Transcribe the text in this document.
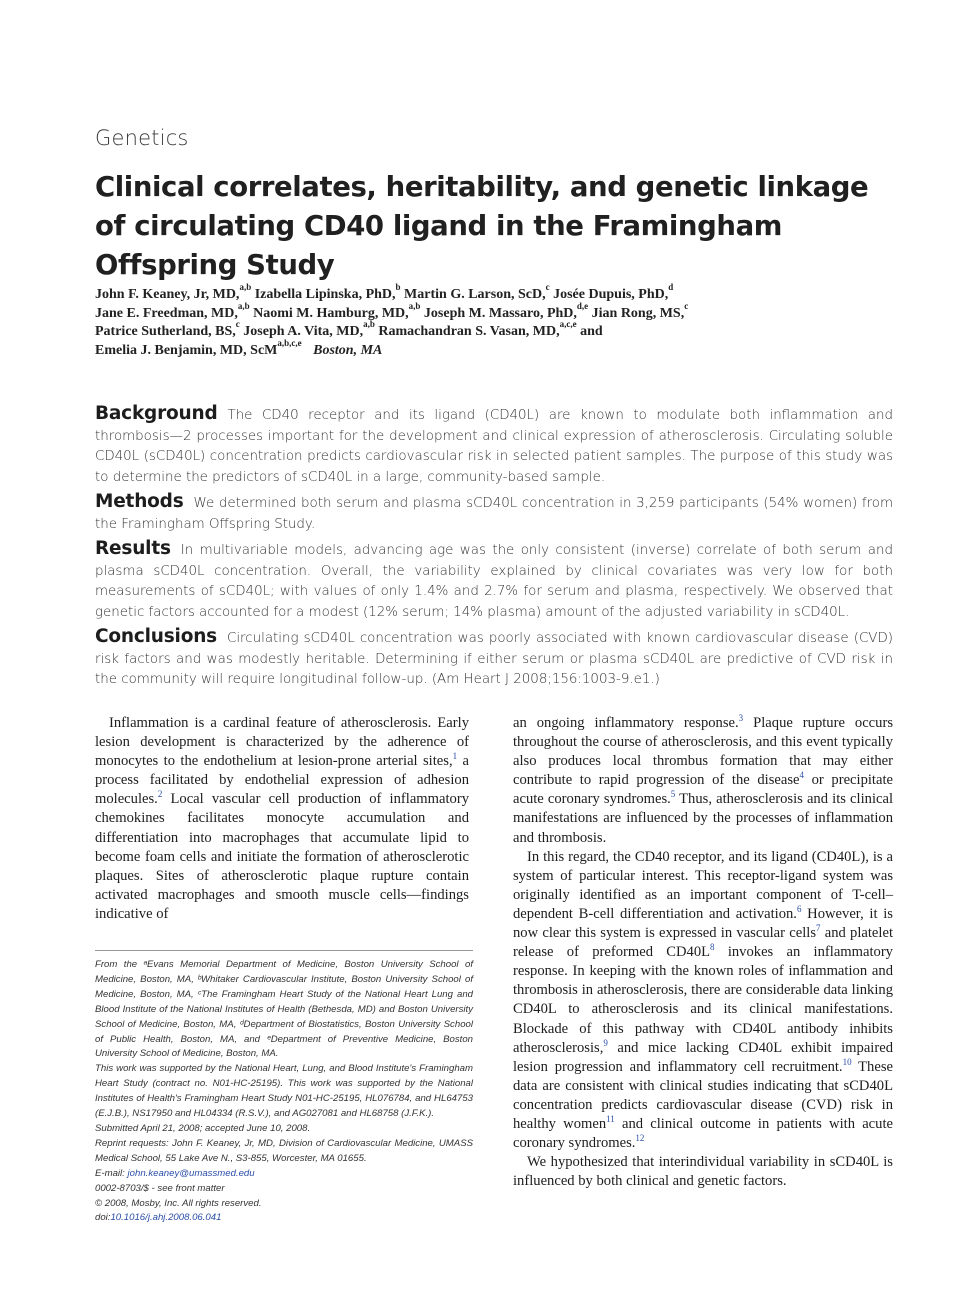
Genetics
Clinical correlates, heritability, and genetic linkage of circulating CD40 ligand in the Framingham Offspring Study
John F. Keaney, Jr, MD,$^{a,b}$ Izabella Lipinska, PhD,$^b$ Martin G. Larson, ScD,$^c$ Josée Dupuis, PhD,$^d$
Jane E. Freedman, MD,$^{a,b}$ Naomi M. Hamburg, MD,$^{a,b}$ Joseph M. Massaro, PhD,$^{d,e}$ Jian Rong, MS,$^c$
Patrice Sutherland, BS,$^c$ Joseph A. Vita, MD,$^{a,b}$ Ramachandran S. Vasan, MD,$^{a,c,e}$ and
Emelia J. Benjamin, MD, ScM$^{a,b,c,e}$ Boston, MA

Background The CD40 receptor and its ligand (CD40L) are known to modulate both inflammation and thrombosis—2 processes important for the development and clinical expression of atherosclerosis. Circulating soluble CD40L (sCD40L) concentration predicts cardiovascular risk in selected patient samples. The purpose of this study was to determine the predictors of sCD40L in a large, community-based sample.

Methods We determined both serum and plasma sCD40L concentration in 3,259 participants (54% women) from the Framingham Offspring Study.

Results In multivariable models, advancing age was the only consistent (inverse) correlate of both serum and plasma sCD40L concentration. Overall, the variability explained by clinical covariates was very low for both measurements of sCD40L; with values of only 1.4% and 2.7% for serum and plasma, respectively. We observed that genetic factors accounted for a modest (12% serum; 14% plasma) amount of the adjusted variability in sCD40L.

Conclusions Circulating sCD40L concentration was poorly associated with known cardiovascular disease (CVD) risk factors and was modestly heritable. Determining if either serum or plasma sCD40L are predictive of CVD risk in the community will require longitudinal follow-up. (Am Heart J 2008;156:1003-9.e1.)

Inflammation is a cardinal feature of atherosclerosis. Early lesion development is characterized by the adherence of monocytes to the endothelium at lesion-prone arterial sites,$^1$ a process facilitated by endothelial expression of adhesion molecules.$^2$ Local vascular cell production of inflammatory chemokines facilitates monocyte accumulation and differentiation into macrophages that accumulate lipid to become foam cells and initiate the formation of atherosclerotic plaques. Sites of atherosclerotic plaque rupture contain activated macrophages and smooth muscle cells—findings indicative of

From the ᵃEvans Memorial Department of Medicine, Boston University School of Medicine, Boston, MA, ᵇWhitaker Cardiovascular Institute, Boston University School of Medicine, Boston, MA, ᶜThe Framingham Heart Study of the National Heart Lung and Blood Institute of the National Institutes of Health (Bethesda, MD) and Boston University School of Medicine, Boston, MA, ᵈDepartment of Biostatistics, Boston University School of Public Health, Boston, MA, and ᵉDepartment of Preventive Medicine, Boston University School of Medicine, Boston, MA.

This work was supported by the National Heart, Lung, and Blood Institute's Framingham Heart Study (contract no. N01-HC-25195). This work was supported by the National Institutes of Health's Framingham Heart Study N01-HC-25195, HL076784, and HL64753 (E.J.B.), NS17950 and HL04334 (R.S.V.), and AG027081 and HL68758 (J.F.K.).

Submitted April 21, 2008; accepted June 10, 2008.

Reprint requests: John F. Keaney, Jr, MD, Division of Cardiovascular Medicine, UMASS Medical School, 55 Lake Ave N., S3-855, Worcester, MA 01655.

E-mail: john.keaney@umassmed.edu

0002-8703/$ - see front matter

© 2008, Mosby, Inc. All rights reserved.

doi:10.1016/j.ahj.2008.06.041

an ongoing inflammatory response.$^3$ Plaque rupture occurs throughout the course of atherosclerosis, and this event typically also produces local thrombus formation that may either contribute to rapid progression of the disease$^4$ or precipitate acute coronary syndromes.$^5$ Thus, atherosclerosis and its clinical manifestations are influenced by the processes of inflammation and thrombosis.

In this regard, the CD40 receptor, and its ligand (CD40L), is a system of particular interest. This receptor-ligand system was originally identified as an important component of T-cell–dependent B-cell differentiation and activation.$^6$ However, it is now clear this system is expressed in vascular cells$^7$ and platelet release of preformed $CD40L^8$ invokes an inflammatory response. In keeping with the known roles of inflammation and thrombosis in atherosclerosis, there are considerable data linking CD40L to atherosclerosis and its clinical manifestations. Blockade of this pathway with CD40L antibody inhibits atherosclerosis,$^9$ and mice lacking CD40L exhibit impaired lesion progression and inflammatory cell recruitment.$^{10}$ These data are consistent with clinical studies indicating that sCD40L concentration predicts cardiovascular disease (CVD) risk in healthy women$^{11}$ and clinical outcome in patients with acute coronary syndromes.$^{12}$

We hypothesized that interindividual variability in sCD40L is influenced by both clinical and genetic factors.
